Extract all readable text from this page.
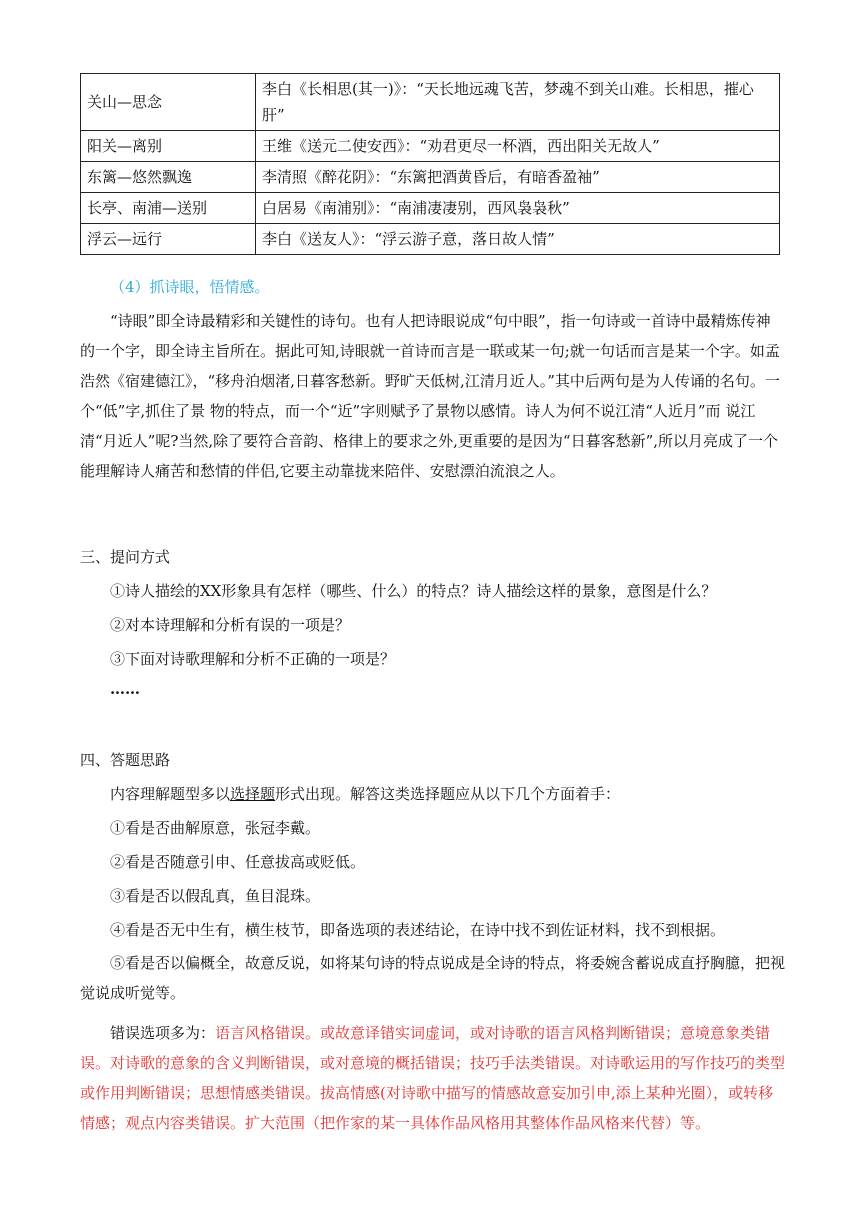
关山—思念	李白《长相思(其一)》：“天长地远魂飞苦，梦魂不到关山难。长相思，摧心肝”
阳关—离别	王维《送元二使安西》：“劝君更尽一杯酒，西出阳关无故人”
东篱—悠然飘逸	李清照《醉花阴》：“东篱把酒黄昏后，有暗香盈袖”
长亭、南浦—送别	白居易《南浦别》：“南浦凄凄别，西风袅袅秋”
浮云—远行	李白《送友人》：“浮云游子意，落日故人情”
（4）抓诗眼，悟情感。
“诗眼”即全诗最精彩和关键性的诗句。也有人把诗眼说成“句中眼”，指一句诗或一首诗中最精炼传神的一个字，即全诗主旨所在。据此可知,诗眼就一首诗而言是一联或某一句;就一句话而言是某一个字。如孟浩然《宿建德江》，“移舟泊烟渚,日暮客愁新。野旷天低树,江清月近人。”其中后两句是为人传诵的名句。一个“低”字,抓住了景 物的特点，而一个“近”字则赋予了景物以感情。诗人为何不说江清“人近月”而 说江清“月近人”呢?当然,除了要符合音韵、格律上的要求之外,更重要的是因为“日暮客愁新”,所以月亮成了一个能理解诗人痛苦和愁情的伴侣,它要主动靠拢来陪伴、安慰漂泊流浪之人。
三、提问方式
①诗人描绘的XX形象具有怎样（哪些、什么）的特点？诗人描绘这样的景象，意图是什么？
②对本诗理解和分析有误的一项是？
③下面对诗歌理解和分析不正确的一项是？
……
四、答题思路
内容理解题型多以选择题形式出现。解答这类选择题应从以下几个方面着手：
①看是否曲解原意，张冠李戴。
②看是否随意引申、任意拔高或贬低。
③看是否以假乱真，鱼目混珠。
④看是否无中生有，横生枝节，即备选项的表述结论，在诗中找不到佐证材料，找不到根据。
⑤看是否以偏概全，故意反说，如将某句诗的特点说成是全诗的特点，将委婉含蓄说成直抒胸臆，把视觉说成听觉等。
错误选项多为：语言风格错误。或故意译错实词虚词，或对诗歌的语言风格判断错误；意境意象类错误。对诗歌的意象的含义判断错误，或对意境的概括错误；技巧手法类错误。对诗歌运用的写作技巧的类型或作用判断错误；思想情感类错误。拔高情感(对诗歌中描写的情感故意妄加引申,添上某种光圈），或转移情感；观点内容类错误。扩大范围（把作家的某一具体作品风格用其整体作品风格来代替）等。
